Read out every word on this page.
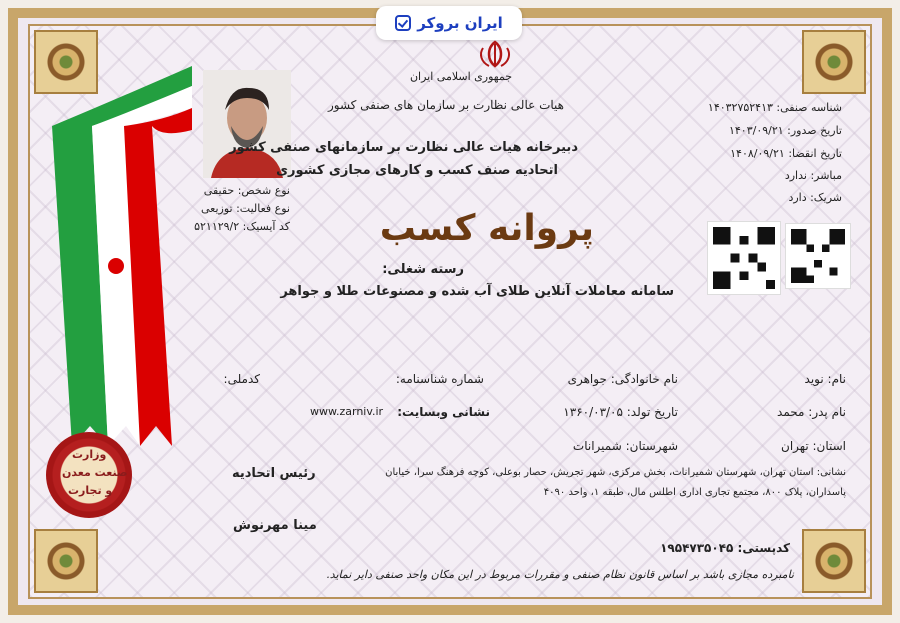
ایران بروکر
وزارت
صنعت معدن
و تجارت
نوع شخص: حقیقی
نوع فعالیت: توزیعی
کد آیسیک: ۵۲۱۱۲۹/۲
جمهوری اسلامی ایران
هیات عالی نظارت بر سازمان های صنفی کشور
دبیرخانه هیات عالی نظارت بر سازمانهای صنفی کشور
اتحادیه صنف کسب و کارهای مجازی کشوری
شناسه صنفی: ۱۴۰۳۲۷۵۲۴۱۳
تاریخ صدور: ۱۴۰۳/۰۹/۲۱
تاریخ انقضا: ۱۴۰۸/۰۹/۲۱
مباشر: ندارد
شریک: دارد
پروانه کسب
رسته شغلی:
سامانه معاملات آنلاین طلای آب شده و مصنوعات طلا و جواهر
نام: نوید
نام خانوادگی: جواهری
شماره شناسنامه:
کدملی:
نام پدر: محمد
تاریخ تولد: ۱۳۶۰/۰۳/۰۵
نشانی وبسایت:
www.zarniv.ir
استان: تهران
شهرستان: شمیرانات
نشانی: استان تهران، شهرستان شمیرانات، بخش مرکزی، شهر تجریش، حصار بوعلی، کوچه فرهنگ سرا، خیابان
پاسداران، پلاک ۸۰۰، مجتمع تجاری اداری اطلس مال، طبقه ۱، واحد ۴۰۹۰
کدپستی: ۱۹۵۴۷۳۵۰۴۵
رئیس اتحادیه
مینا مهرنوش
نامبرده مجازی باشد بر اساس قانون نظام صنفی و مقررات مربوط در این مکان واحد صنفی دایر نماید.
